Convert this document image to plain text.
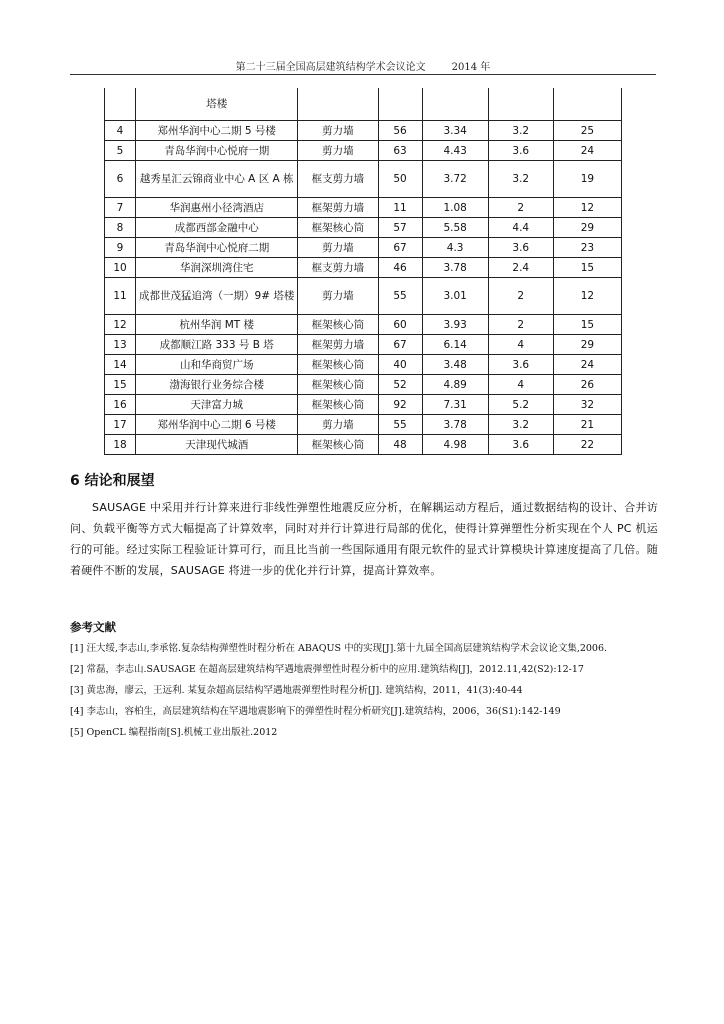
第二十三届全国高层建筑结构学术会议论文	2014 年
	塔楼					
4	郑州华润中心二期 5 号楼	剪力墙	56	3.34	3.2	25
5	青岛华润中心悦府一期	剪力墙	63	4.43	3.6	24
6	越秀星汇云锦商业中心 A 区 A 栋	框支剪力墙	50	3.72	3.2	19
7	华润惠州小径湾酒店	框架剪力墙	11	1.08	2	12
8	成都西部金融中心	框架核心筒	57	5.58	4.4	29
9	青岛华润中心悦府二期	剪力墙	67	4.3	3.6	23
10	华润深圳湾住宅	框支剪力墙	46	3.78	2.4	15
11	成都世茂猛追湾（一期）9# 塔楼	剪力墙	55	3.01	2	12
12	杭州华润 MT 楼	框架核心筒	60	3.93	2	15
13	成都顺江路 333 号 B 塔	框架剪力墙	67	6.14	4	29
14	山和华商贸广场	框架核心筒	40	3.48	3.6	24
15	渤海银行业务综合楼	框架核心筒	52	4.89	4	26
16	天津富力城	框架核心筒	92	7.31	5.2	32
17	郑州华润中心二期 6 号楼	剪力墙	55	3.78	3.2	21
18	天津现代城酒	框架核心筒	48	4.98	3.6	22
6 结论和展望

SAUSAGE 中采用并行计算来进行非线性弹塑性地震反应分析，在解耦运动方程后，通过数据结构的设计、合并访问、负载平衡等方式大幅提高了计算效率，同时对并行计算进行局部的优化，使得计算弹塑性分析实现在个人 PC 机运行的可能。经过实际工程验证计算可行，而且比当前一些国际通用有限元软件的显式计算模块计算速度提高了几倍。随着硬件不断的发展，SAUSAGE 将进一步的优化并行计算，提高计算效率。

参考文献
[1] 汪大绥,李志山,李承铭.复杂结构弹塑性时程分析在 ABAQUS 中的实现[J].第十九届全国高层建筑结构学术会议论文集,2006.
[2] 常磊，李志山.SAUSAGE 在超高层建筑结构罕遇地震弹塑性时程分析中的应用.建筑结构[J]，2012.11,42(S2):12-17
[3] 黄忠海，廖云，王远利. 某复杂超高层结构罕遇地震弹塑性时程分析[J]. 建筑结构，2011，41(3):40-44
[4] 李志山，容柏生，高层建筑结构在罕遇地震影响下的弹塑性时程分析研究[J].建筑结构，2006，36(S1):142-149
[5] OpenCL 编程指南[S].机械工业出版社.2012
